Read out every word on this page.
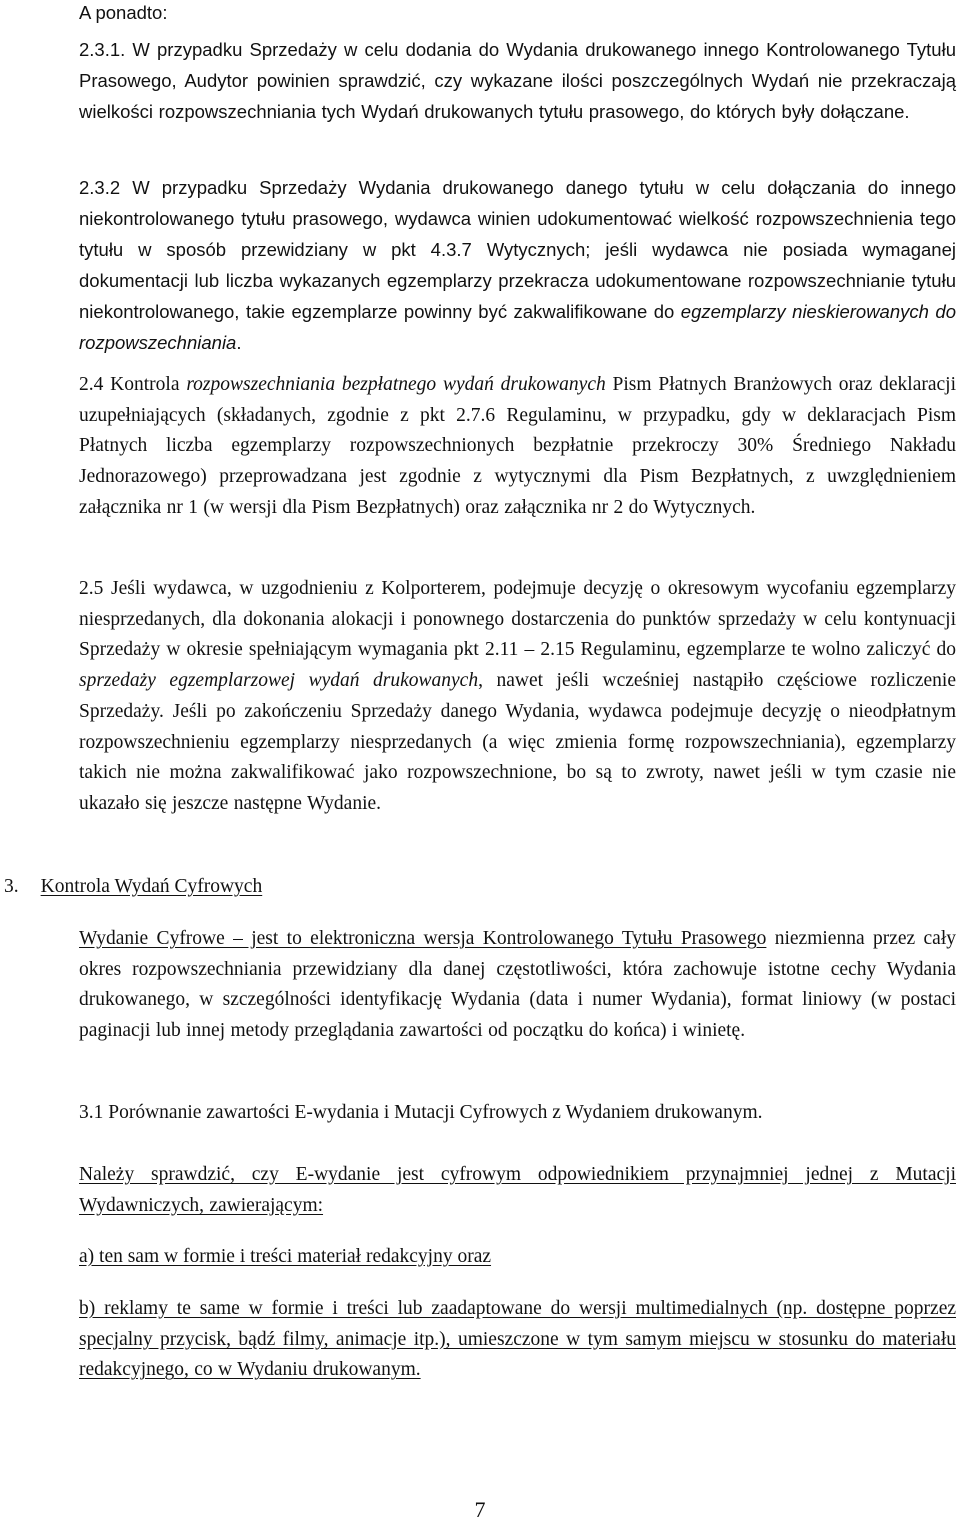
A ponadto:

2.3.1. W przypadku Sprzedaży w celu dodania do Wydania drukowanego innego Kontrolowanego Tytułu Prasowego, Audytor powinien sprawdzić, czy wykazane ilości poszczególnych Wydań nie przekraczają wielkości rozpowszechniania tych Wydań drukowanych tytułu prasowego, do których były dołączane.

2.3.2 W przypadku Sprzedaży Wydania drukowanego danego tytułu w celu dołączania do innego niekontrolowanego tytułu prasowego, wydawca winien udokumentować wielkość rozpowszechnienia tego tytułu w sposób przewidziany w pkt 4.3.7 Wytycznych; jeśli wydawca nie posiada wymaganej dokumentacji lub liczba wykazanych egzemplarzy przekracza udokumentowane rozpowszechnianie tytułu niekontrolowanego, takie egzemplarze powinny być zakwalifikowane do egzemplarzy nieskierowanych do rozpowszechniania.

2.4 Kontrola rozpowszechniania bezpłatnego wydań drukowanych Pism Płatnych Branżowych oraz deklaracji uzupełniających (składanych, zgodnie z pkt 2.7.6 Regulaminu, w przypadku, gdy w deklaracjach Pism Płatnych liczba egzemplarzy rozpowszechnionych bezpłatnie przekroczy 30% Średniego Nakładu Jednorazowego) przeprowadzana jest zgodnie z wytycznymi dla Pism Bezpłatnych, z uwzględnieniem załącznika nr 1 (w wersji dla Pism Bezpłatnych) oraz załącznika nr 2 do Wytycznych.

2.5 Jeśli wydawca, w uzgodnieniu z Kolporterem, podejmuje decyzję o okresowym wycofaniu egzemplarzy niesprzedanych, dla dokonania alokacji i ponownego dostarczenia do punktów sprzedaży w celu kontynuacji Sprzedaży w okresie spełniającym wymagania pkt 2.11 – 2.15 Regulaminu, egzemplarze te wolno zaliczyć do sprzedaży egzemplarzowej wydań drukowanych, nawet jeśli wcześniej nastąpiło częściowe rozliczenie Sprzedaży. Jeśli po zakończeniu Sprzedaży danego Wydania, wydawca podejmuje decyzję o nieodpłatnym rozpowszechnieniu egzemplarzy niesprzedanych (a więc zmienia formę rozpowszechniania), egzemplarzy takich nie można zakwalifikować jako rozpowszechnione, bo są to zwroty, nawet jeśli w tym czasie nie ukazało się jeszcze następne Wydanie.

3. Kontrola Wydań Cyfrowych

Wydanie Cyfrowe – jest to elektroniczna wersja Kontrolowanego Tytułu Prasowego niezmienna przez cały okres rozpowszechniania przewidziany dla danej częstotliwości, która zachowuje istotne cechy Wydania drukowanego, w szczególności identyfikację Wydania (data i numer Wydania), format liniowy (w postaci paginacji lub innej metody przeglądania zawartości od początku do końca) i winietę.

3.1 Porównanie zawartości E-wydania i Mutacji Cyfrowych z Wydaniem drukowanym.

Należy sprawdzić, czy E-wydanie jest cyfrowym odpowiednikiem przynajmniej jednej z Mutacji Wydawniczych, zawierającym:

a) ten sam w formie i treści materiał redakcyjny oraz

b) reklamy te same w formie i treści lub zaadaptowane do wersji multimedialnych (np. dostępne poprzez specjalny przycisk, bądź filmy, animacje itp.), umieszczone w tym samym miejscu w stosunku do materiału redakcyjnego, co w Wydaniu drukowanym.

7
